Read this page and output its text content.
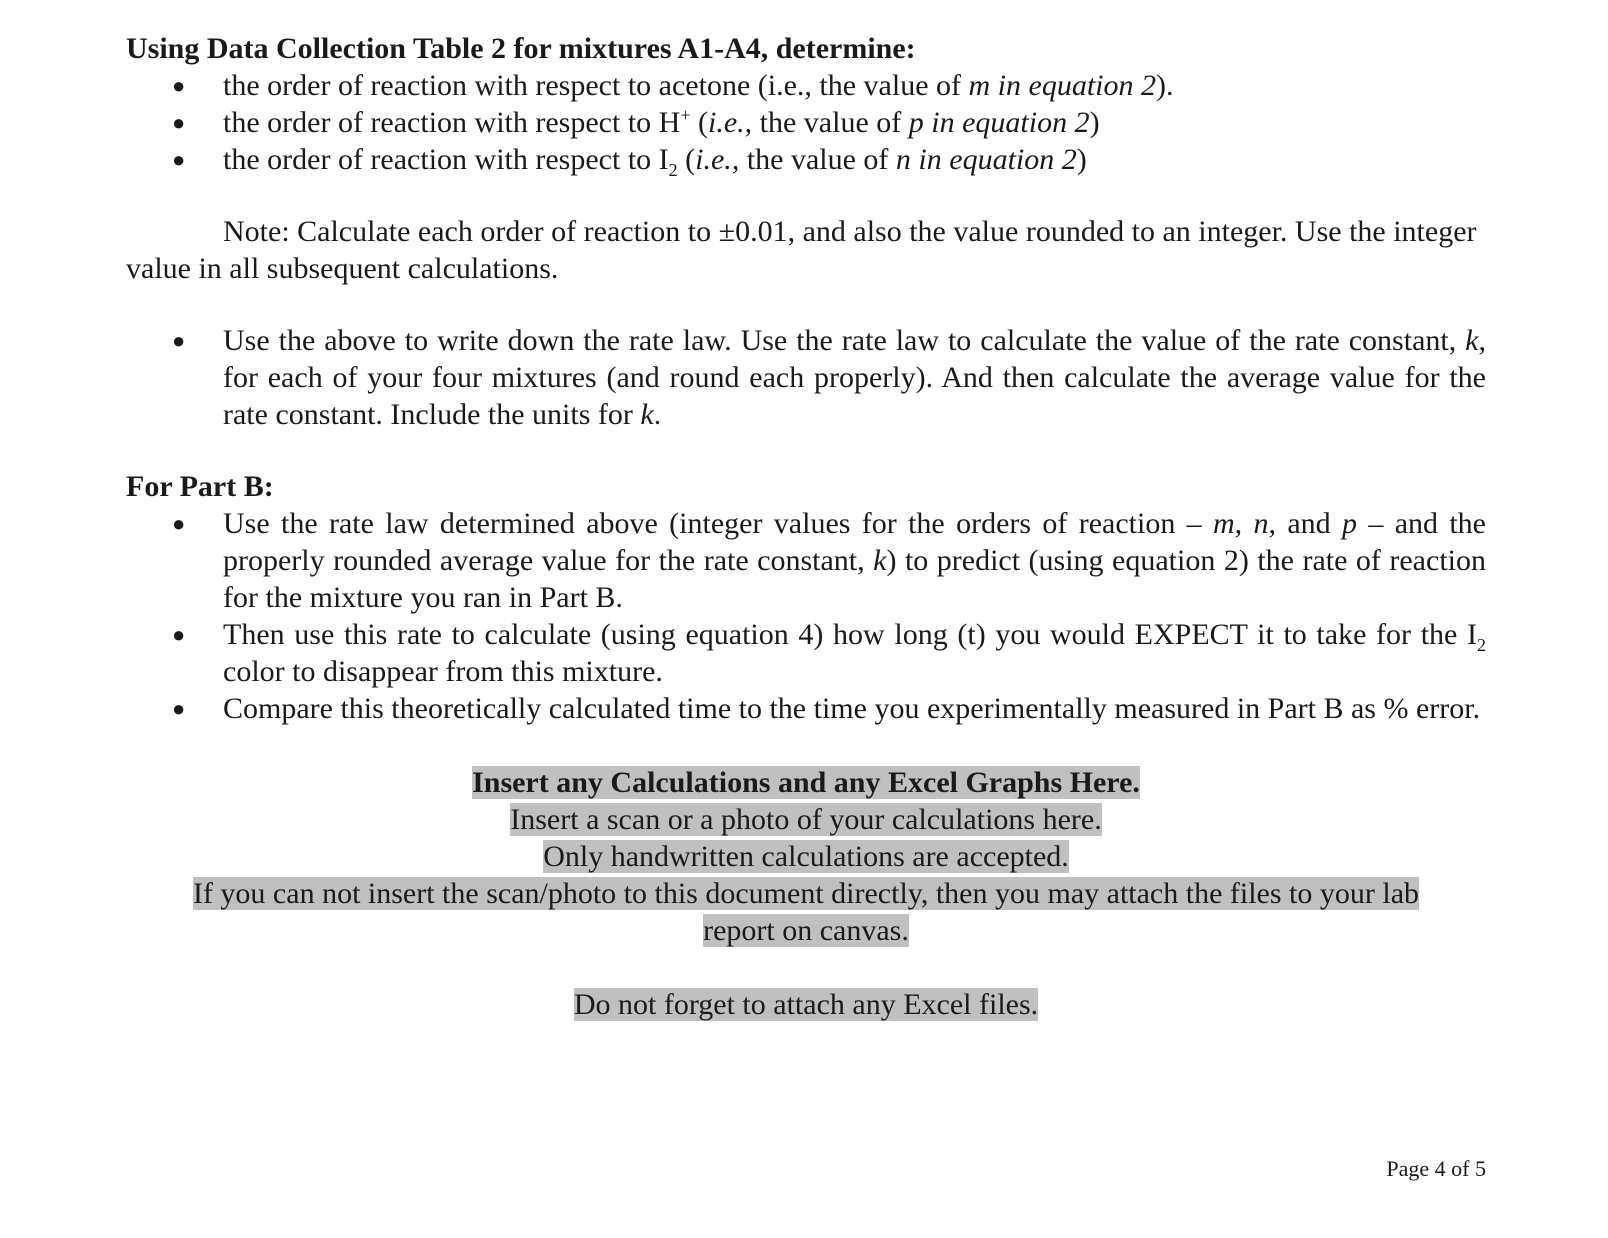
Using Data Collection Table 2 for mixtures A1-A4, determine:

● the order of reaction with respect to acetone (i.e., the value of m in equation 2).
● the order of reaction with respect to H+ (i.e., the value of p in equation 2)
● the order of reaction with respect to $I_2$ (i.e., the value of n in equation 2)

Note: Calculate each order of reaction to ±0.01, and also the value rounded to an integer. Use the integer value in all subsequent calculations.

● Use the above to write down the rate law. Use the rate law to calculate the value of the rate constant, k, for each of your four mixtures (and round each properly). And then calculate the average value for the rate constant. Include the units for k.

For Part B:

● Use the rate law determined above (integer values for the orders of reaction – m, n, and p – and the properly rounded average value for the rate constant, k) to predict (using equation 2) the rate of reaction for the mixture you ran in Part B.
● Then use this rate to calculate (using equation 4) how long (t) you would EXPECT it to take for the $I_2$ color to disappear from this mixture.
● Compare this theoretically calculated time to the time you experimentally measured in Part B as % error.

Insert any Calculations and any Excel Graphs Here.

Insert a scan or a photo of your calculations here.

Only handwritten calculations are accepted.

If you can not insert the scan/photo to this document directly, then you may attach the files to your lab

report on canvas.

Do not forget to attach any Excel files.

Page 4 of 5
